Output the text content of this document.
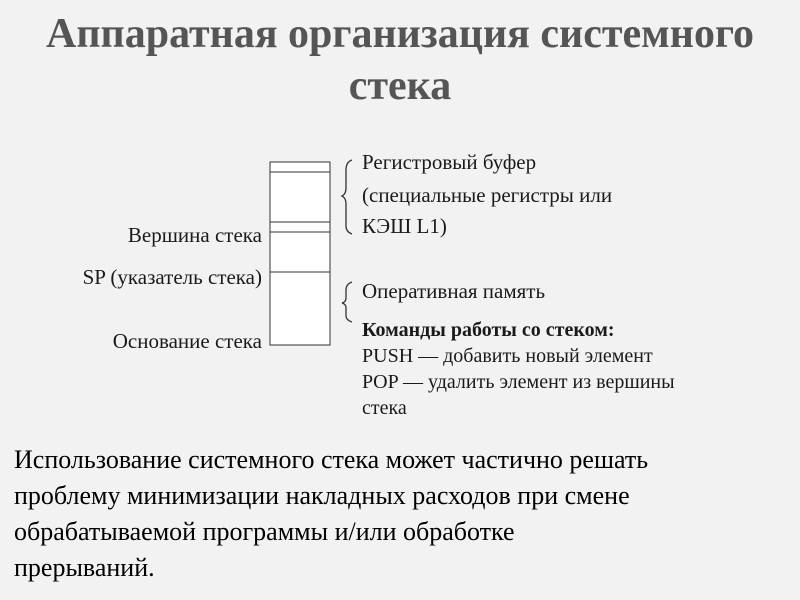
Аппаратная организация системного
стека
Вершина стека
SP (указатель стека)
Основание стека
Регистровый буфер
(специальные регистры или
КЭШ L1)
Оперативная память
Команды работы со стеком:
PUSH — добавить новый элемент
POP — удалить элемент из вершины
стека
Использование системного стека может частично решать
проблему минимизации накладных расходов при смене
обрабатываемой программы и/или обработке
прерываний.
